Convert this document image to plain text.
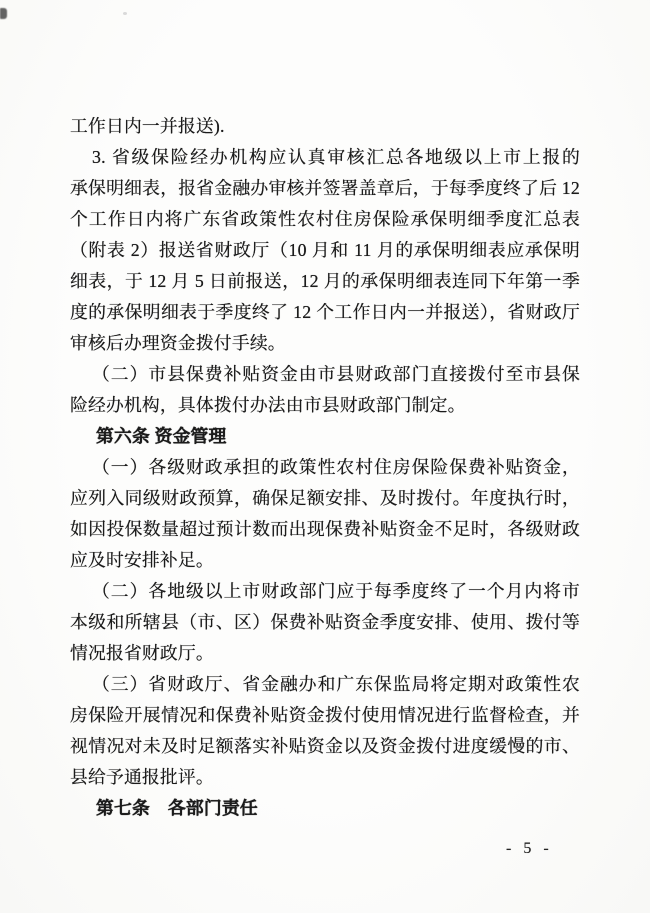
工作日内一并报送).
3. 省级保险经办机构应认真审核汇总各地级以上市上报的
承保明细表，报省金融办审核并签署盖章后，于每季度终了后 12
个工作日内将广东省政策性农村住房保险承保明细季度汇总表
（附表 2）报送省财政厅（10 月和 11 月的承保明细表应承保明
细表，于 12 月 5 日前报送，12 月的承保明细表连同下年第一季
度的承保明细表于季度终了 12 个工作日内一并报送），省财政厅
审核后办理资金拨付手续。
（二）市县保费补贴资金由市县财政部门直接拨付至市县保
险经办机构，具体拨付办法由市县财政部门制定。
第六条 资金管理
（一）各级财政承担的政策性农村住房保险保费补贴资金，
应列入同级财政预算，确保足额安排、及时拨付。年度执行时，
如因投保数量超过预计数而出现保费补贴资金不足时，各级财政
应及时安排补足。
（二）各地级以上市财政部门应于每季度终了一个月内将市
本级和所辖县（市、区）保费补贴资金季度安排、使用、拨付等
情况报省财政厅。
（三）省财政厅、省金融办和广东保监局将定期对政策性农
房保险开展情况和保费补贴资金拨付使用情况进行监督检查，并
视情况对未及时足额落实补贴资金以及资金拨付进度缓慢的市、
县给予通报批评。
第七条　各部门责任
- 5 -
